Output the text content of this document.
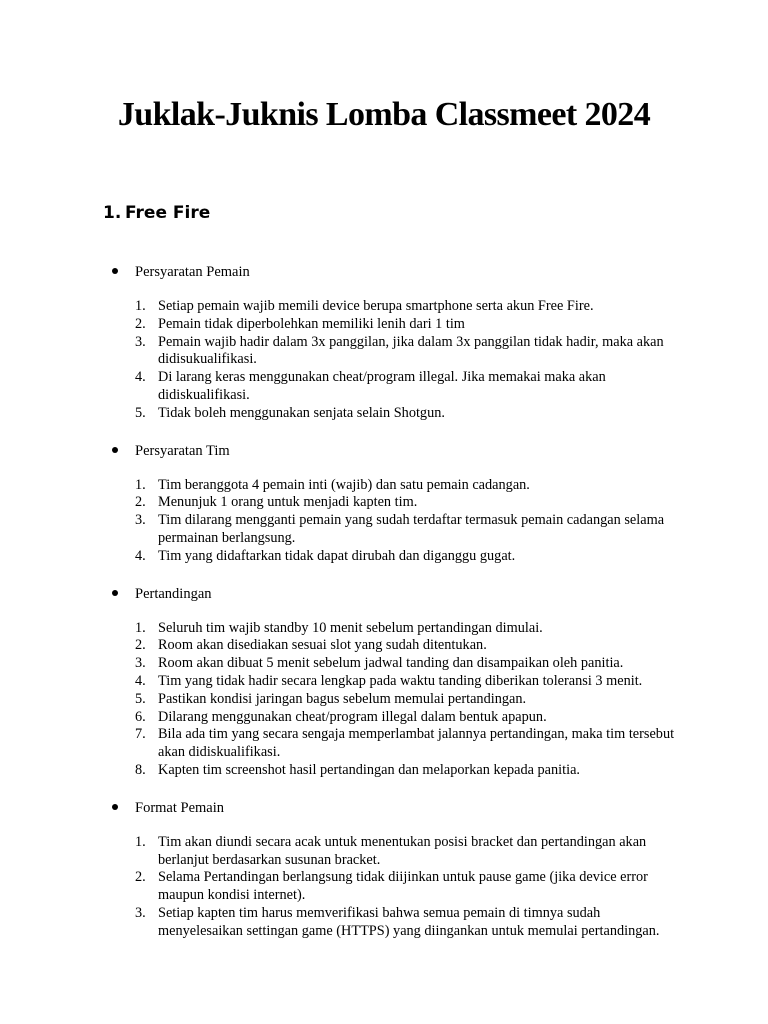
Juklak-Juknis Lomba Classmeet 2024
1. Free Fire
Persyaratan Pemain
1. Setiap pemain wajib memili device berupa smartphone serta akun Free Fire.
2. Pemain tidak diperbolehkan memiliki lenih dari 1 tim
3. Pemain wajib hadir dalam 3x panggilan, jika dalam 3x panggilan tidak hadir, maka akan didisukualifikasi.
4. Di larang keras menggunakan cheat/program illegal. Jika memakai maka akan didiskualifikasi.
5. Tidak boleh menggunakan senjata selain Shotgun.
Persyaratan Tim
1. Tim beranggota 4 pemain inti (wajib) dan satu pemain cadangan.
2. Menunjuk 1 orang untuk menjadi kapten tim.
3. Tim dilarang mengganti pemain yang sudah terdaftar termasuk pemain cadangan selama permainan berlangsung.
4. Tim yang didaftarkan tidak dapat dirubah dan diganggu gugat.
Pertandingan
1. Seluruh tim wajib standby 10 menit sebelum pertandingan dimulai.
2. Room akan disediakan sesuai slot yang sudah ditentukan.
3. Room akan dibuat 5 menit sebelum jadwal tanding dan disampaikan oleh panitia.
4. Tim yang tidak hadir secara lengkap pada waktu tanding diberikan toleransi 3 menit.
5. Pastikan kondisi jaringan bagus sebelum memulai pertandingan.
6. Dilarang menggunakan cheat/program illegal dalam bentuk apapun.
7. Bila ada tim yang secara sengaja memperlambat jalannya pertandingan, maka tim tersebut akan didiskualifikasi.
8. Kapten tim screenshot hasil pertandingan dan melaporkan kepada panitia.
Format Pemain
1. Tim akan diundi secara acak untuk menentukan posisi bracket dan pertandingan akan berlanjut berdasarkan susunan bracket.
2. Selama Pertandingan berlangsung tidak diijinkan untuk pause game (jika device error maupun kondisi internet).
3. Setiap kapten tim harus memverifikasi bahwa semua pemain di timnya sudah menyelesaikan settingan game (HTTPS) yang diingankan untuk memulai pertandingan.
